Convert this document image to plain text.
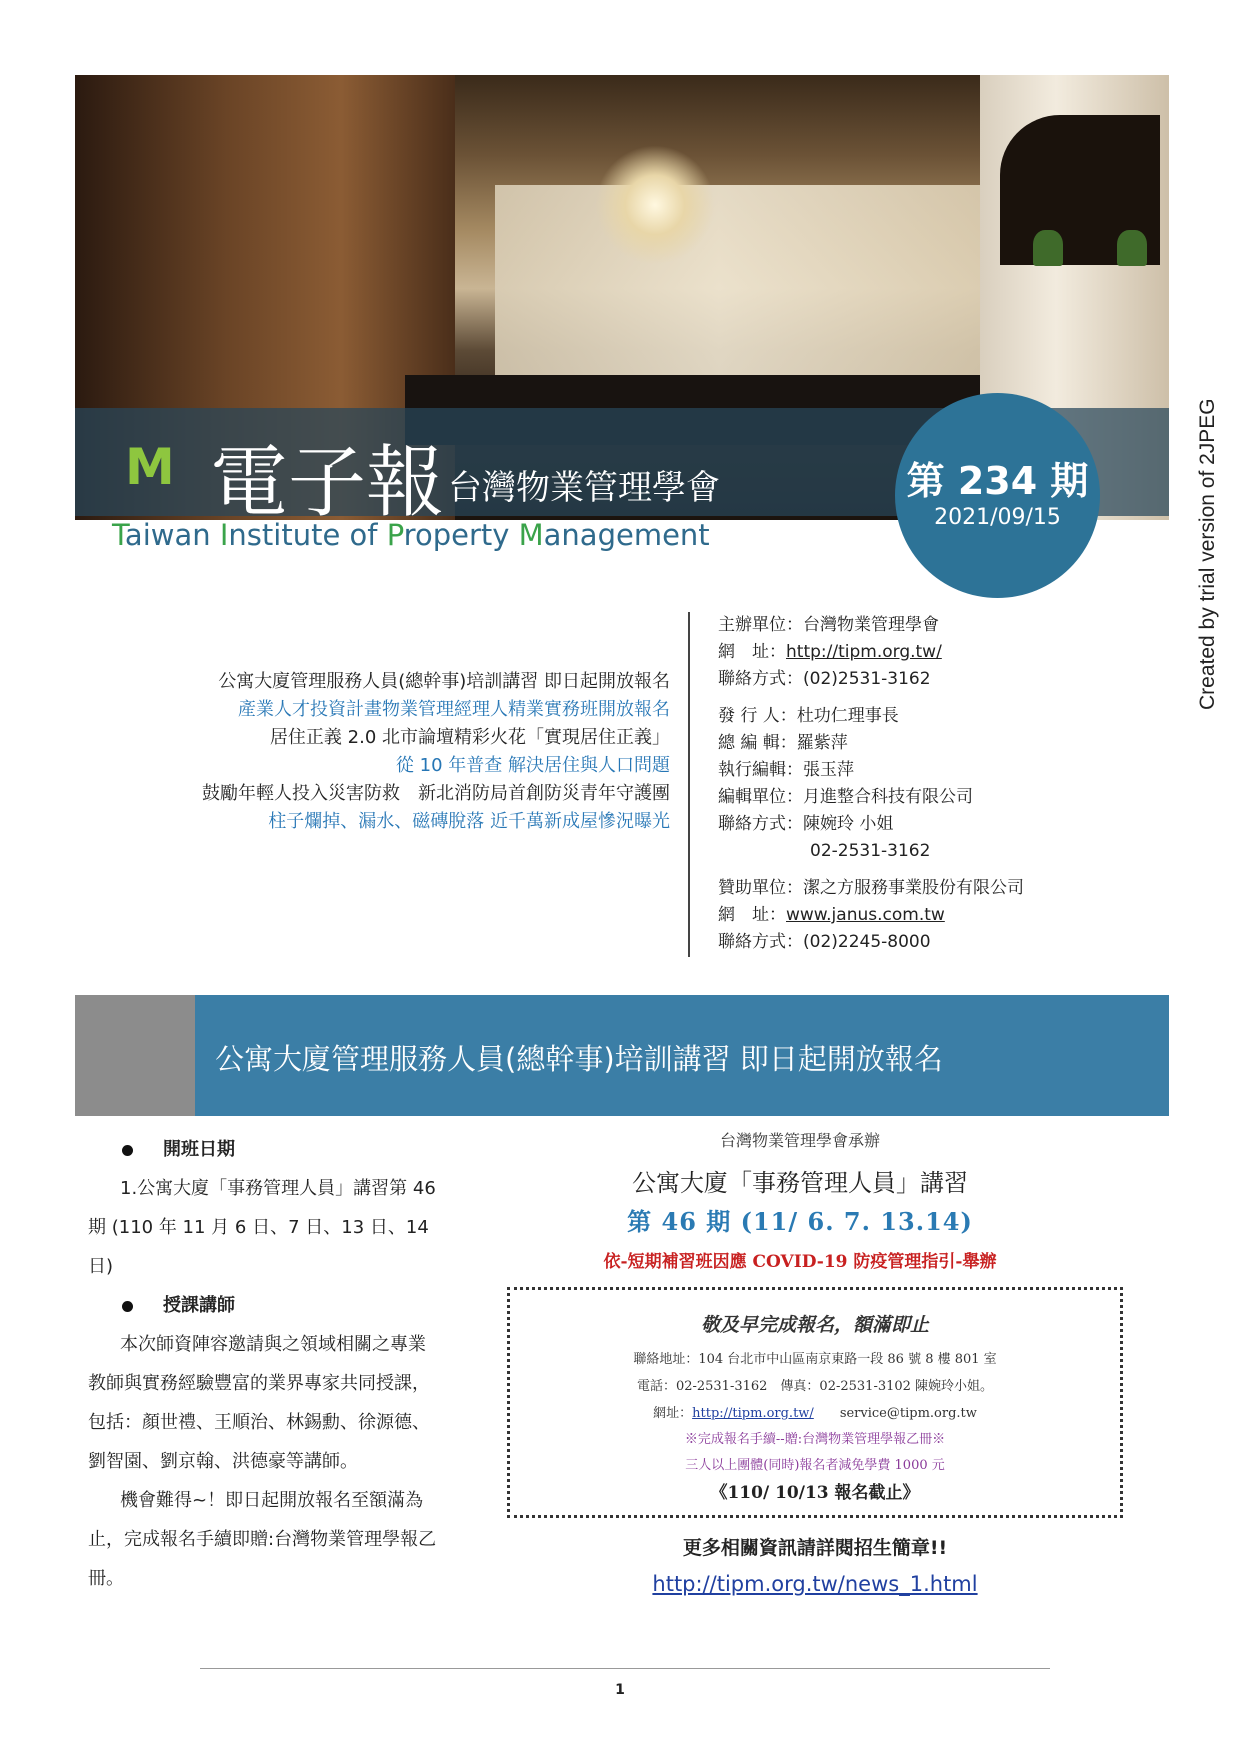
M 電子報 台灣物業管理學會
Taiwan Institute of Property Management
第 234 期
2021/09/15
公寓大廈管理服務人員(總幹事)培訓講習 即日起開放報名
產業人才投資計畫物業管理經理人精業實務班開放報名
居住正義 2.0 北市論壇精彩火花「實現居住正義」
從 10 年普查 解決居住與人口問題
鼓勵年輕人投入災害防救　新北消防局首創防災青年守護團
柱子爛掉、漏水、磁磚脫落 近千萬新成屋慘況曝光
主辦單位：台灣物業管理學會
網　址：http://tipm.org.tw/
聯絡方式：(02)2531-3162
發 行 人：杜功仁理事長
總 編 輯：羅紫萍
執行編輯：張玉萍
編輯單位：月進整合科技有限公司
聯絡方式：陳婉玲 小姐
02-2531-3162
贊助單位：潔之方服務事業股份有限公司
網　址：www.janus.com.tw
聯絡方式：(02)2245-8000
公寓大廈管理服務人員(總幹事)培訓講習 即日起開放報名
開班日期
1.公寓大廈「事務管理人員」講習第 46 期 (110 年 11 月 6 日、7 日、13 日、14 日)
授課講師
本次師資陣容邀請與之領域相關之專業教師與實務經驗豐富的業界專家共同授課，包括：顏世禮、王順治、林錫勳、徐源德、劉智園、劉京翰、洪德豪等講師。
機會難得~！即日起開放報名至額滿為止，完成報名手續即贈:台灣物業管理學報乙冊。
台灣物業管理學會承辦
公寓大廈「事務管理人員」講習
第 46 期 (11/ 6. 7. 13.14)
依-短期補習班因應 COVID-19 防疫管理指引-舉辦
敬及早完成報名，額滿即止
聯絡地址：104 台北市中山區南京東路一段 86 號 8 樓 801 室
電話：02-2531-3162　傳真：02-2531-3102 陳婉玲小姐。
網址：http://tipm.org.tw/　　 service@tipm.org.tw
※完成報名手續--贈:台灣物業管理學報乙冊※
三人以上團體(同時)報名者減免學費 1000 元
《110/ 10/13 報名截止》
更多相關資訊請詳閱招生簡章!!
http://tipm.org.tw/news_1.html
1
Created by trial version of 2JPEG
